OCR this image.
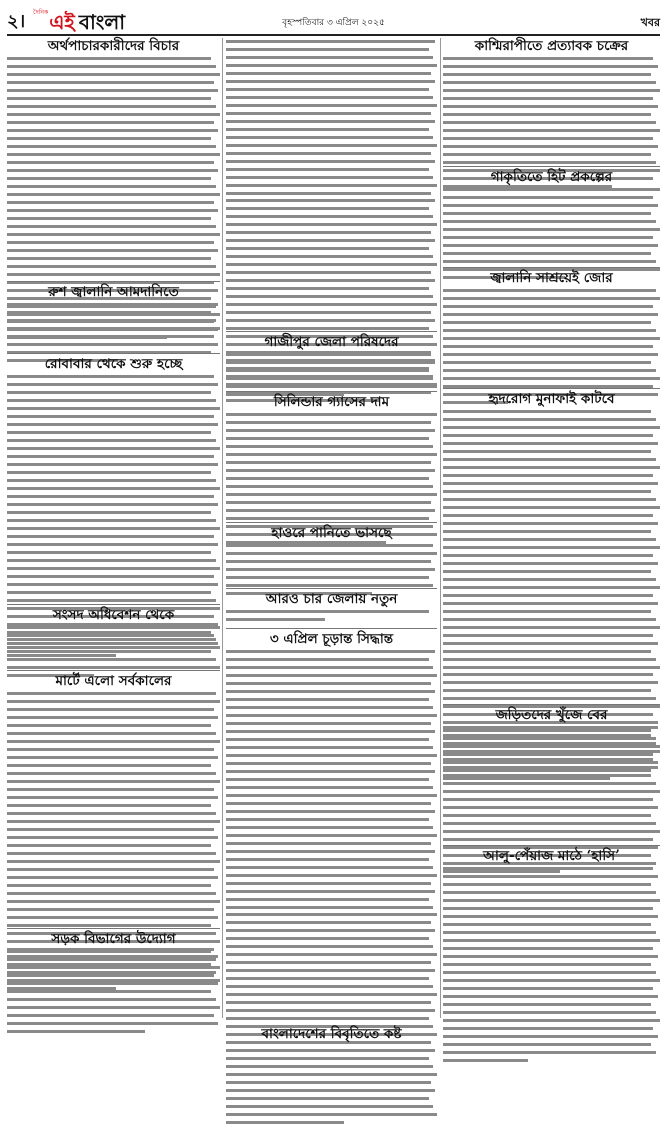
২। দৈনিক এই বাংলা	বৃহস্পতিবার ৩ এপ্রিল ২০২৫	খবর
অর্থপাচারকারীদের বিচার
রুশ জ্বালানি আমদানিতে
রোবাবার থেকে শুরু হচ্ছে
সংসদ অধিবেশন থেকে
মার্টে এলো সর্বকালের
সড়ক বিভাগের উদ্যোগ
গাজীপুর জেলা পরিষদের
সিলিন্ডার গ্যাসের দাম
হাওরে পানিতে ভাসছে
আরও চার জেলায় নতুন
৩ এপ্রিল চূড়ান্ত সিদ্ধান্ত
বাংলাদেশের বিবৃতিতে কষ্ট
কাশ্মিরাপীতে প্রত্যাবক চক্রের
গাকৃতিতে হিট প্রকল্পের
জ্বালানি সাশ্রয়েই জোর
হৃদরোগ মুনাফাই কাটবে
জড়িতদের খুঁজে বের
আলু-পেঁয়াজ মাঠে ‘হাসি’
